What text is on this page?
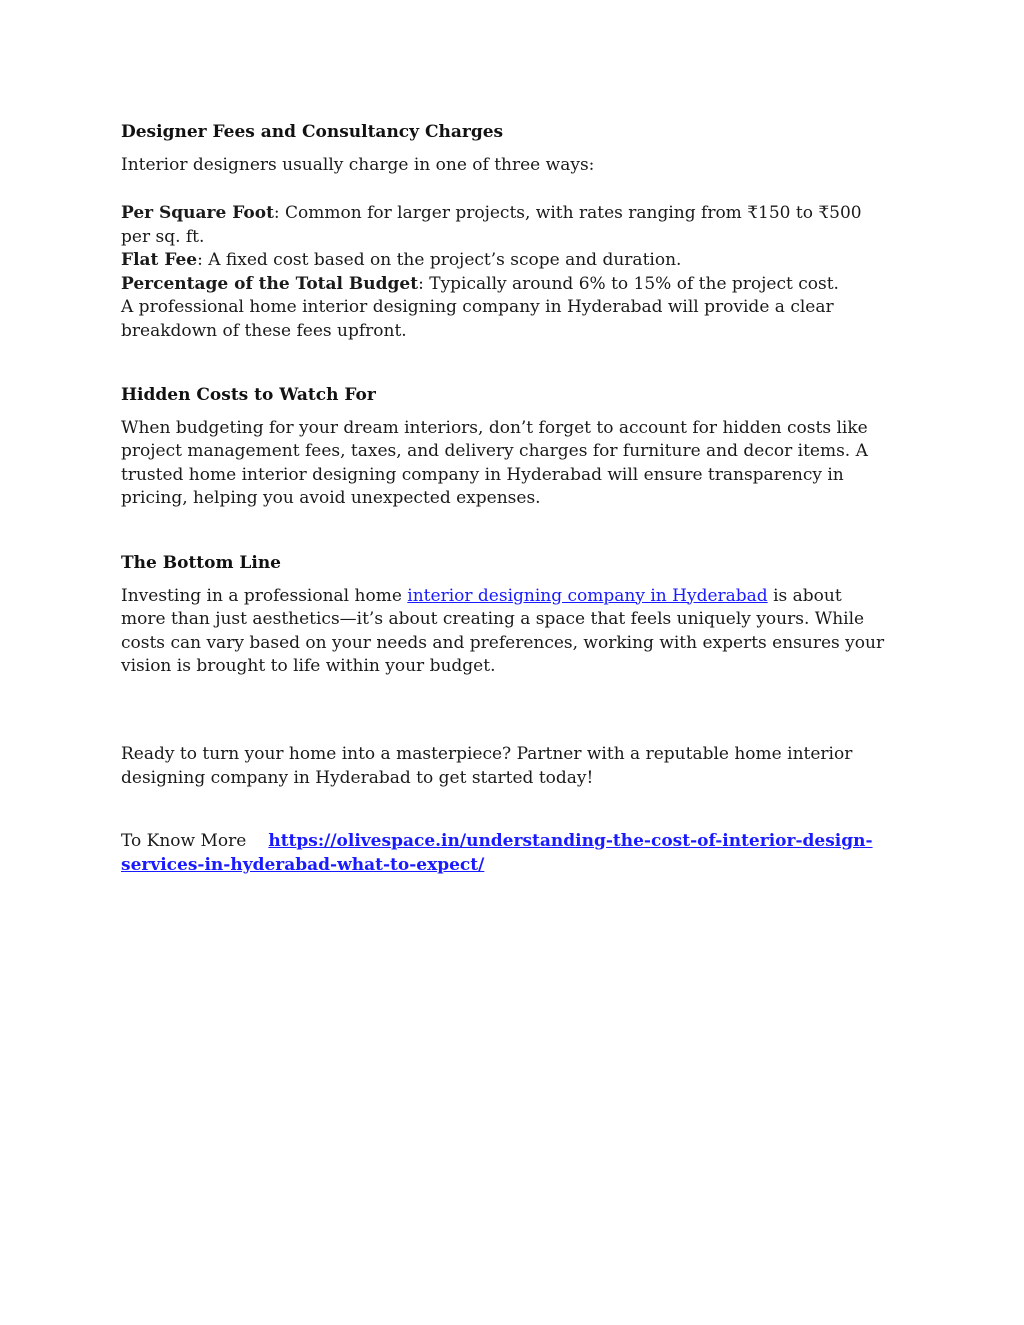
Designer Fees and Consultancy Charges

Interior designers usually charge in one of three ways:

Per Square Foot: Common for larger projects, with rates ranging from ₹150 to ₹500 per sq. ft.

Flat Fee: A fixed cost based on the project’s scope and duration.

Percentage of the Total Budget: Typically around 6% to 15% of the project cost.

A professional home interior designing company in Hyderabad will provide a clear breakdown of these fees upfront.

Hidden Costs to Watch For

When budgeting for your dream interiors, don’t forget to account for hidden costs like project management fees, taxes, and delivery charges for furniture and decor items. A trusted home interior designing company in Hyderabad will ensure transparency in pricing, helping you avoid unexpected expenses.

The Bottom Line

Investing in a professional home interior designing company in Hyderabad is about more than just aesthetics—it’s about creating a space that feels uniquely yours. While costs can vary based on your needs and preferences, working with experts ensures your vision is brought to life within your budget.

Ready to turn your home into a masterpiece? Partner with a reputable home interior designing company in Hyderabad to get started today!

To Know More https://olivespace.in/understanding-the-cost-of-interior-design-services-in-hyderabad-what-to-expect/
